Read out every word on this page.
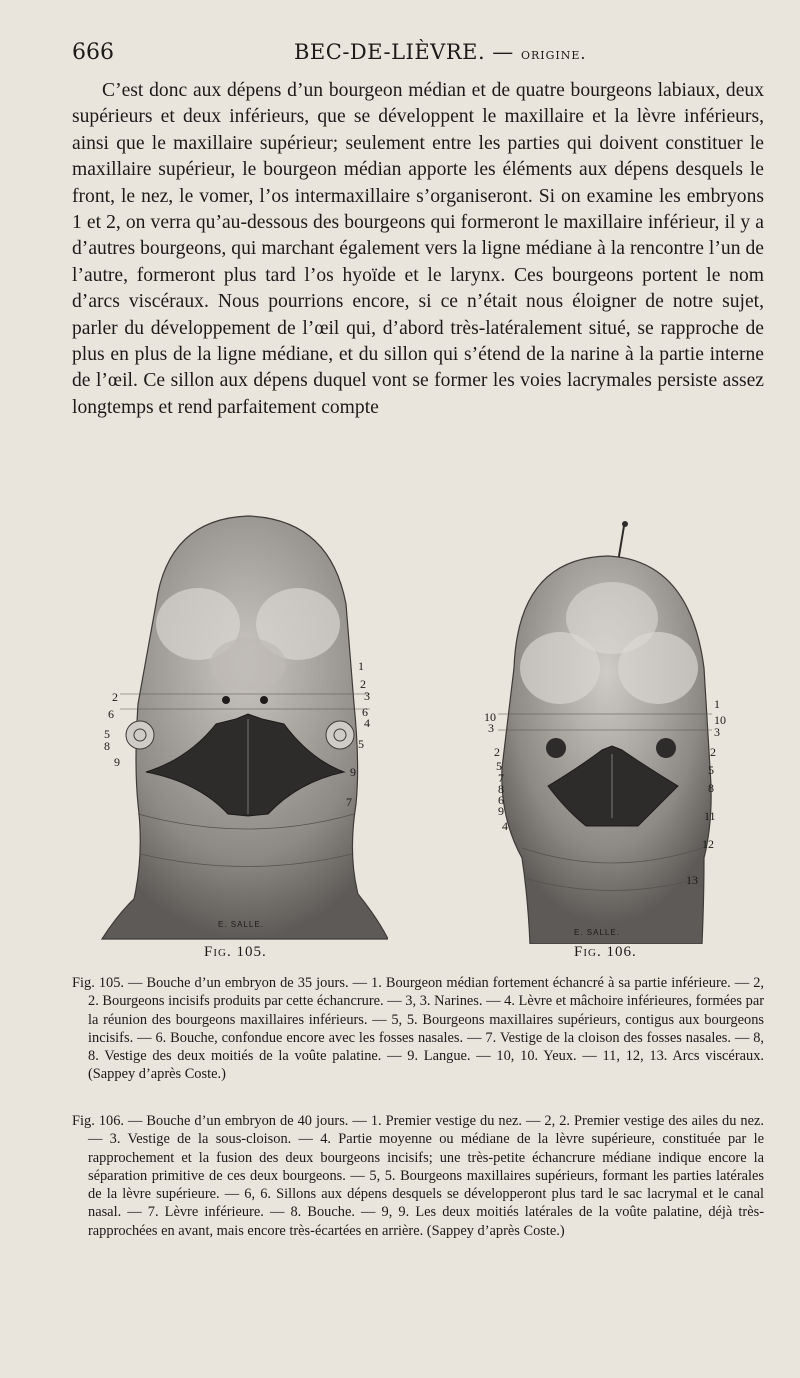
666	BEC-DE-LIÈVRE. — origine.

C’est donc aux dépens d’un bourgeon médian et de quatre bourgeons labiaux, deux supérieurs et deux inférieurs, que se développent le maxillaire et la lèvre inférieurs, ainsi que le maxillaire supérieur; seulement entre les parties qui doivent constituer le maxillaire supérieur, le bourgeon médian apporte les éléments aux dépens desquels le front, le nez, le vomer, l’os intermaxillaire s’organiseront. Si on examine les embryons 1 et 2, on verra qu’au-dessous des bourgeons qui formeront le maxillaire inférieur, il y a d’autres bourgeons, qui marchant également vers la ligne médiane à la rencontre l’un de l’autre, formeront plus tard l’os hyoïde et le larynx. Ces bourgeons portent le nom d’arcs viscéraux. Nous pourrions encore, si ce n’était nous éloigner de notre sujet, parler du développement de l’œil qui, d’abord très-latéralement situé, se rapproche de plus en plus de la ligne médiane, et du sillon qui s’étend de la narine à la partie interne de l’œil. Ce sillon aux dépens duquel vont se former les voies lacrymales persiste assez longtemps et rend parfaitement compte

2
6
5
8
9
1
2
3
6
4
5
9
7
E. SALLE.
Fig. 105.
10
3
2
5
7
8
6
9
4
1
10
3
2
5
8
11
12
13
E. SALLE.
Fig. 106.

Fig. 105. — Bouche d’un embryon de 35 jours. — 1. Bourgeon médian fortement échancré à sa partie inférieure. — 2, 2. Bourgeons incisifs produits par cette échancrure. — 3, 3. Narines. — 4. Lèvre et mâchoire inférieures, formées par la réunion des bourgeons maxillaires inférieurs. — 5, 5. Bourgeons maxillaires supérieurs, contigus aux bourgeons incisifs. — 6. Bouche, confondue encore avec les fosses nasales. — 7. Vestige de la cloison des fosses nasales. — 8, 8. Vestige des deux moitiés de la voûte palatine. — 9. Langue. — 10, 10. Yeux. — 11, 12, 13. Arcs viscéraux. (Sappey d’après Coste.)

Fig. 106. — Bouche d’un embryon de 40 jours. — 1. Premier vestige du nez. — 2, 2. Premier vestige des ailes du nez. — 3. Vestige de la sous-cloison. — 4. Partie moyenne ou médiane de la lèvre supérieure, constituée par le rapprochement et la fusion des deux bourgeons incisifs; une très-petite échancrure médiane indique encore la séparation primitive de ces deux bourgeons. — 5, 5. Bourgeons maxillaires supérieurs, formant les parties latérales de la lèvre supérieure. — 6, 6. Sillons aux dépens desquels se développeront plus tard le sac lacrymal et le canal nasal. — 7. Lèvre inférieure. — 8. Bouche. — 9, 9. Les deux moitiés latérales de la voûte palatine, déjà très-rapprochées en avant, mais encore très-écartées en arrière. (Sappey d’après Coste.)
